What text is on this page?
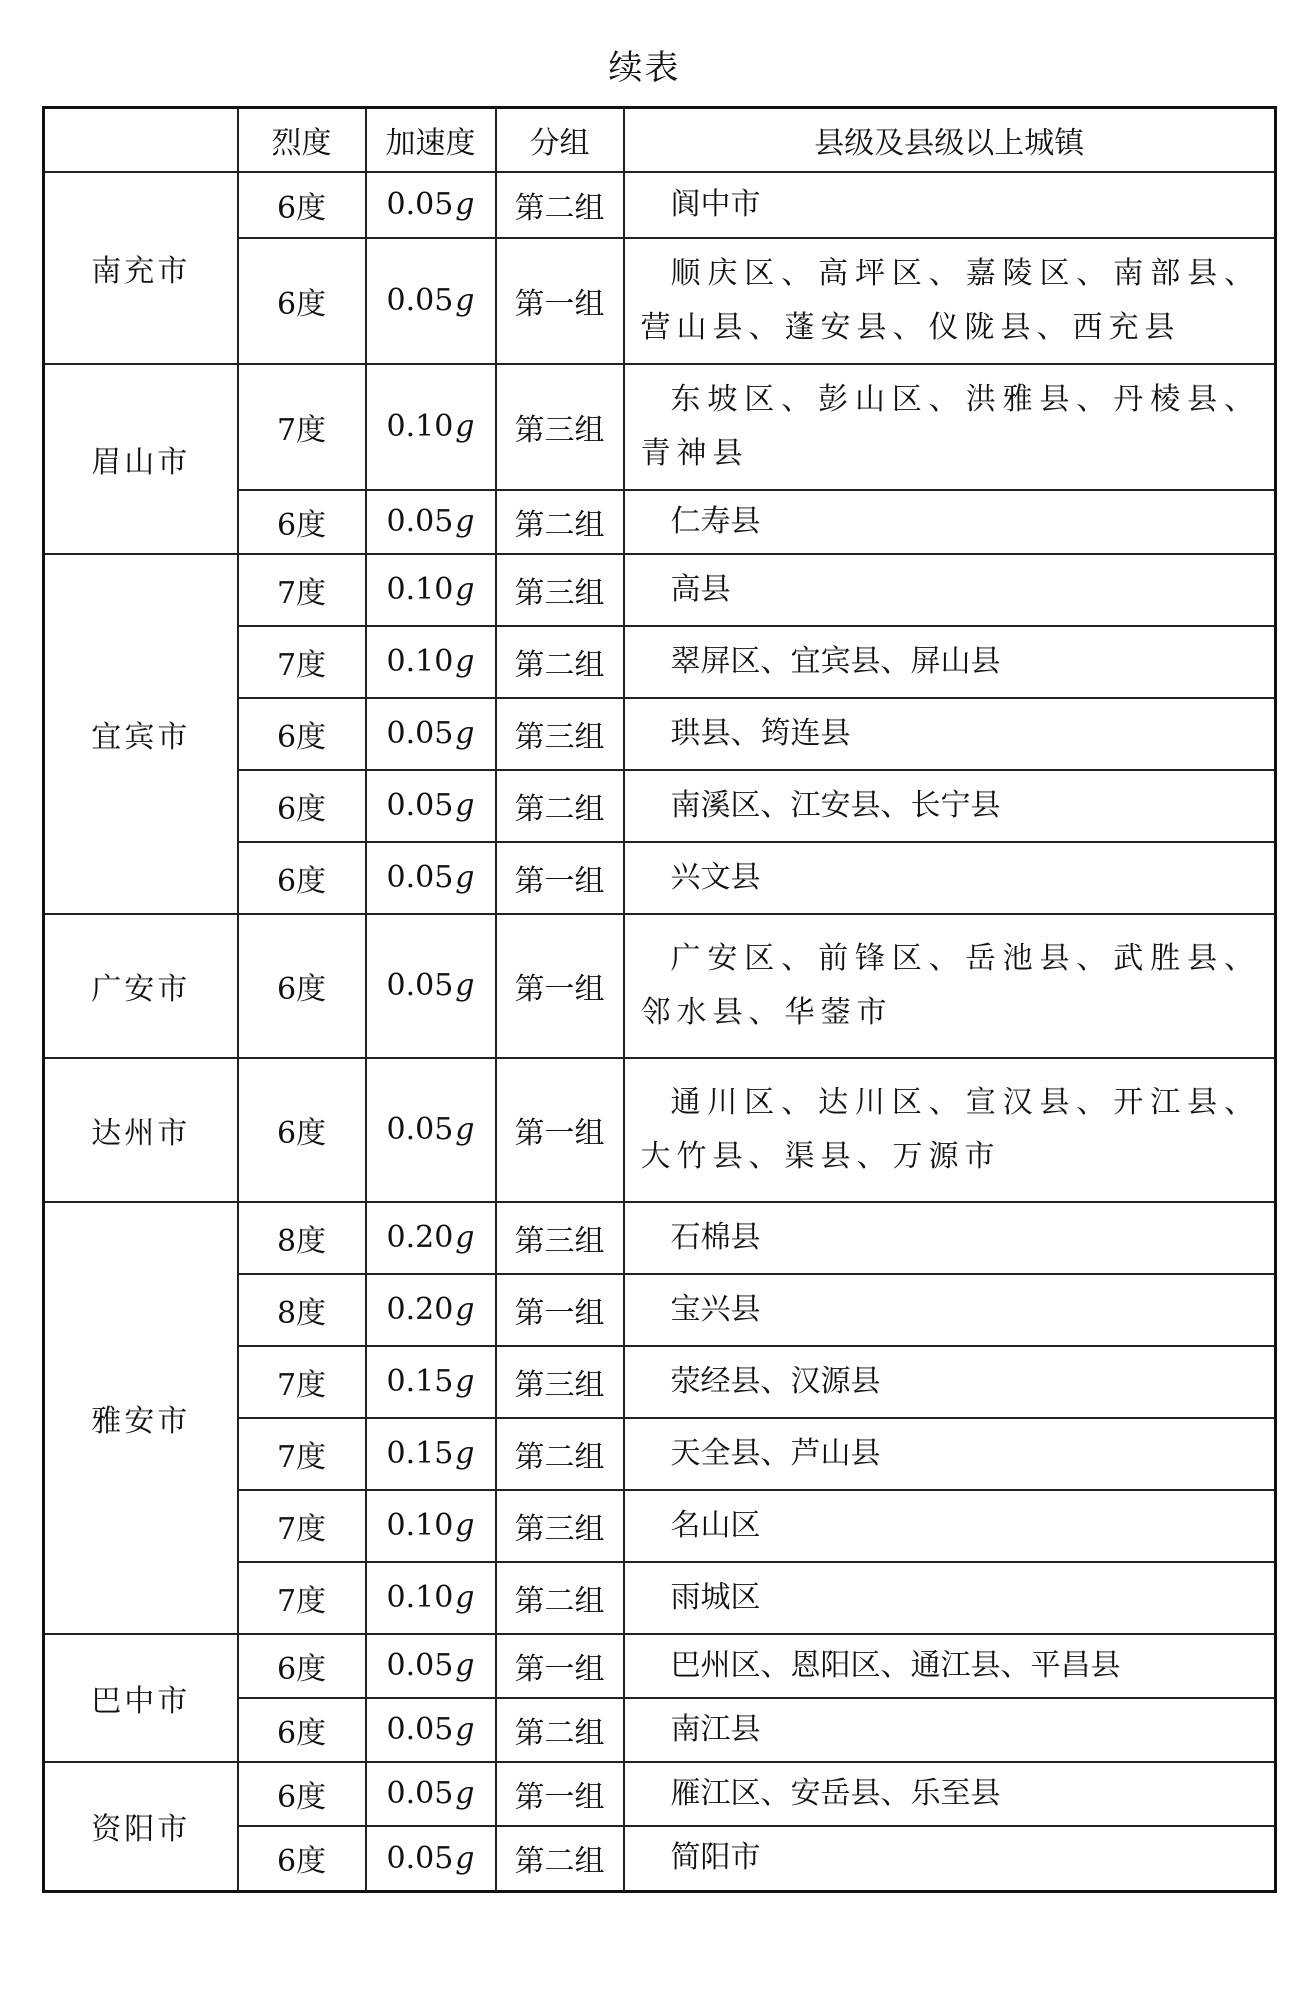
续表
	烈度	加速度	分组	县级及县级以上城镇
南充市	6度	0.05g	第二组	阆中市
	6度	0.05g	第一组	顺庆区、高坪区、嘉陵区、南部县、营山县、蓬安县、仪陇县、西充县
眉山市	7度	0.10g	第三组	东坡区、彭山区、洪雅县、丹棱县、青神县
	6度	0.05g	第二组	仁寿县
宜宾市	7度	0.10g	第三组	高县
	7度	0.10g	第二组	翠屏区、宜宾县、屏山县
	6度	0.05g	第三组	珙县、筠连县
	6度	0.05g	第二组	南溪区、江安县、长宁县
	6度	0.05g	第一组	兴文县
广安市	6度	0.05g	第一组	广安区、前锋区、岳池县、武胜县、邻水县、华蓥市
达州市	6度	0.05g	第一组	通川区、达川区、宣汉县、开江县、大竹县、渠县、万源市
雅安市	8度	0.20g	第三组	石棉县
	8度	0.20g	第一组	宝兴县
	7度	0.15g	第三组	荥经县、汉源县
	7度	0.15g	第二组	天全县、芦山县
	7度	0.10g	第三组	名山区
	7度	0.10g	第二组	雨城区
巴中市	6度	0.05g	第一组	巴州区、恩阳区、通江县、平昌县
	6度	0.05g	第二组	南江县
资阳市	6度	0.05g	第一组	雁江区、安岳县、乐至县
	6度	0.05g	第二组	简阳市
